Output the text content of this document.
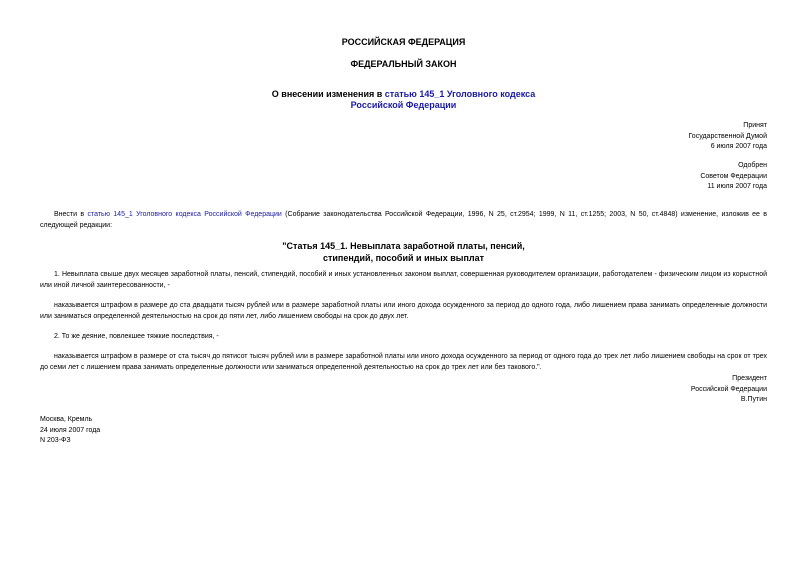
РОССИЙСКАЯ ФЕДЕРАЦИЯ
ФЕДЕРАЛЬНЫЙ ЗАКОН
О внесении изменения в статью 145_1 Уголовного кодекса
Российской Федерации
Принят
Государственной Думой
6 июля 2007 года
Одобрен
Советом Федерации
11 июля 2007 года
Внести в статью 145_1 Уголовного кодекса Российской Федерации (Собрание законодательства Российской Федерации, 1996, N 25, ст.2954; 1999, N 11, ст.1255; 2003, N 50, ст.4848) изменение, изложив ее в следующей редакции:
"Статья 145_1. Невыплата заработной платы, пенсий,
стипендий, пособий и иных выплат
1. Невыплата свыше двух месяцев заработной платы, пенсий, стипендий, пособий и иных установленных законом выплат, совершенная руководителем организации, работодателем - физическим лицом из корыстной или иной личной заинтересованности, -
наказывается штрафом в размере до ста двадцати тысяч рублей или в размере заработной платы или иного дохода осужденного за период до одного года, либо лишением права занимать определенные должности или заниматься определенной деятельностью на срок до пяти лет, либо лишением свободы на срок до двух лет.
2. То же деяние, повлекшее тяжкие последствия, -
наказывается штрафом в размере от ста тысяч до пятисот тысяч рублей или в размере заработной платы или иного дохода осужденного за период от одного года до трех лет либо лишением свободы на срок от трех до семи лет с лишением права занимать определенные должности или заниматься определенной деятельностью на срок до трех лет или без такового.".
Президент
Российской Федерации
В.Путин
Москва, Кремль
24 июля 2007 года
N 203-ФЗ
